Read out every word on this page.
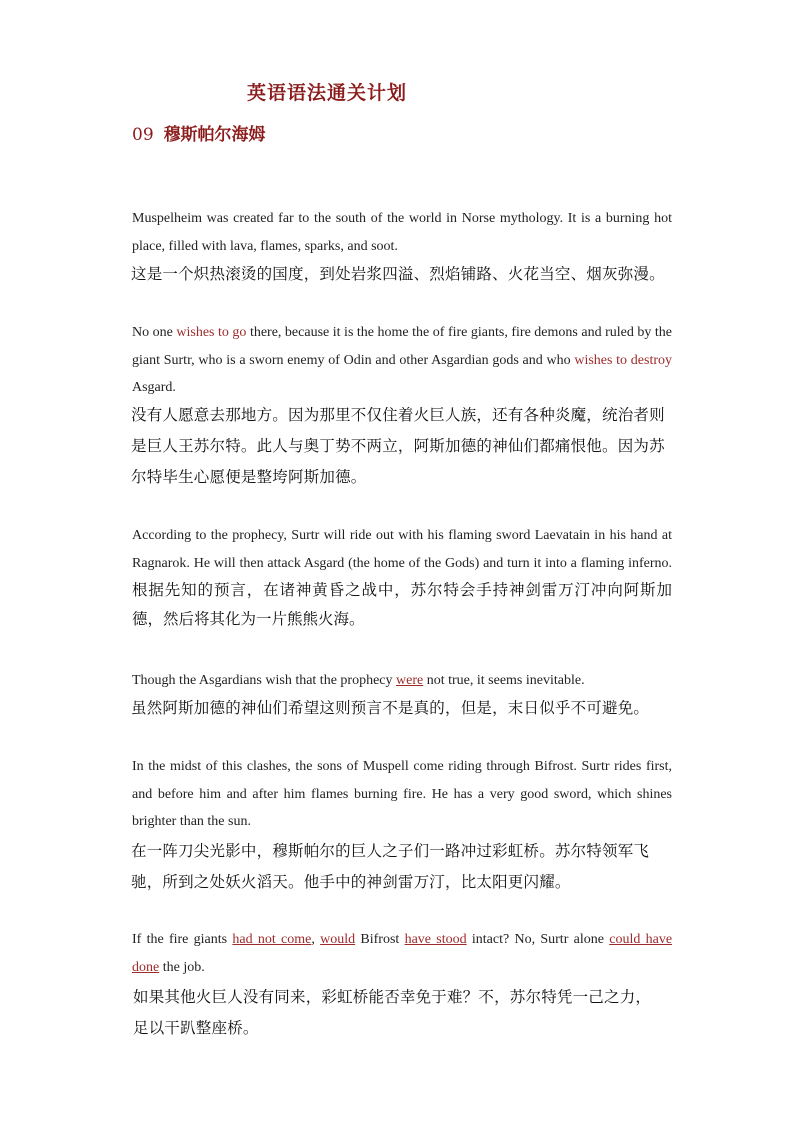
英语语法通关计划
09 穆斯帕尔海姆

Muspelheim was created far to the south of the world in Norse mythology. It is a burning hot place, filled with lava, flames, sparks, and soot.

这是一个炽热滚烫的国度，到处岩浆四溢、烈焰铺路、火花当空、烟灰弥漫。

No one wishes to go there, because it is the home the of fire giants, fire demons and ruled by the giant Surtr, who is a sworn enemy of Odin and other Asgardian gods and who wishes to destroy Asgard.

没有人愿意去那地方。因为那里不仅住着火巨人族，还有各种炎魔，统治者则是巨人王苏尔特。此人与奥丁势不两立，阿斯加德的神仙们都痛恨他。因为苏尔特毕生心愿便是整垮阿斯加德。

According to the prophecy, Surtr will ride out with his flaming sword Laevatain in his hand at Ragnarok. He will then attack Asgard (the home of the Gods) and turn it into a flaming inferno. 根据先知的预言，在诸神黄昏之战中，苏尔特会手持神剑雷万汀冲向阿斯加德，然后将其化为一片熊熊火海。

Though the Asgardians wish that the prophecy were not true, it seems inevitable.

虽然阿斯加德的神仙们希望这则预言不是真的，但是，末日似乎不可避免。

In the midst of this clashes, the sons of Muspell come riding through Bifrost. Surtr rides first, and before him and after him flames burning fire. He has a very good sword, which shines brighter than the sun.

在一阵刀尖光影中，穆斯帕尔的巨人之子们一路冲过彩虹桥。苏尔特领军飞驰，所到之处妖火滔天。他手中的神剑雷万汀，比太阳更闪耀。

If the fire giants had not come, would Bifrost have stood intact? No, Surtr alone could have done the job.

如果其他火巨人没有同来，彩虹桥能否幸免于难？不，苏尔特凭一己之力，

足以干趴整座桥。
